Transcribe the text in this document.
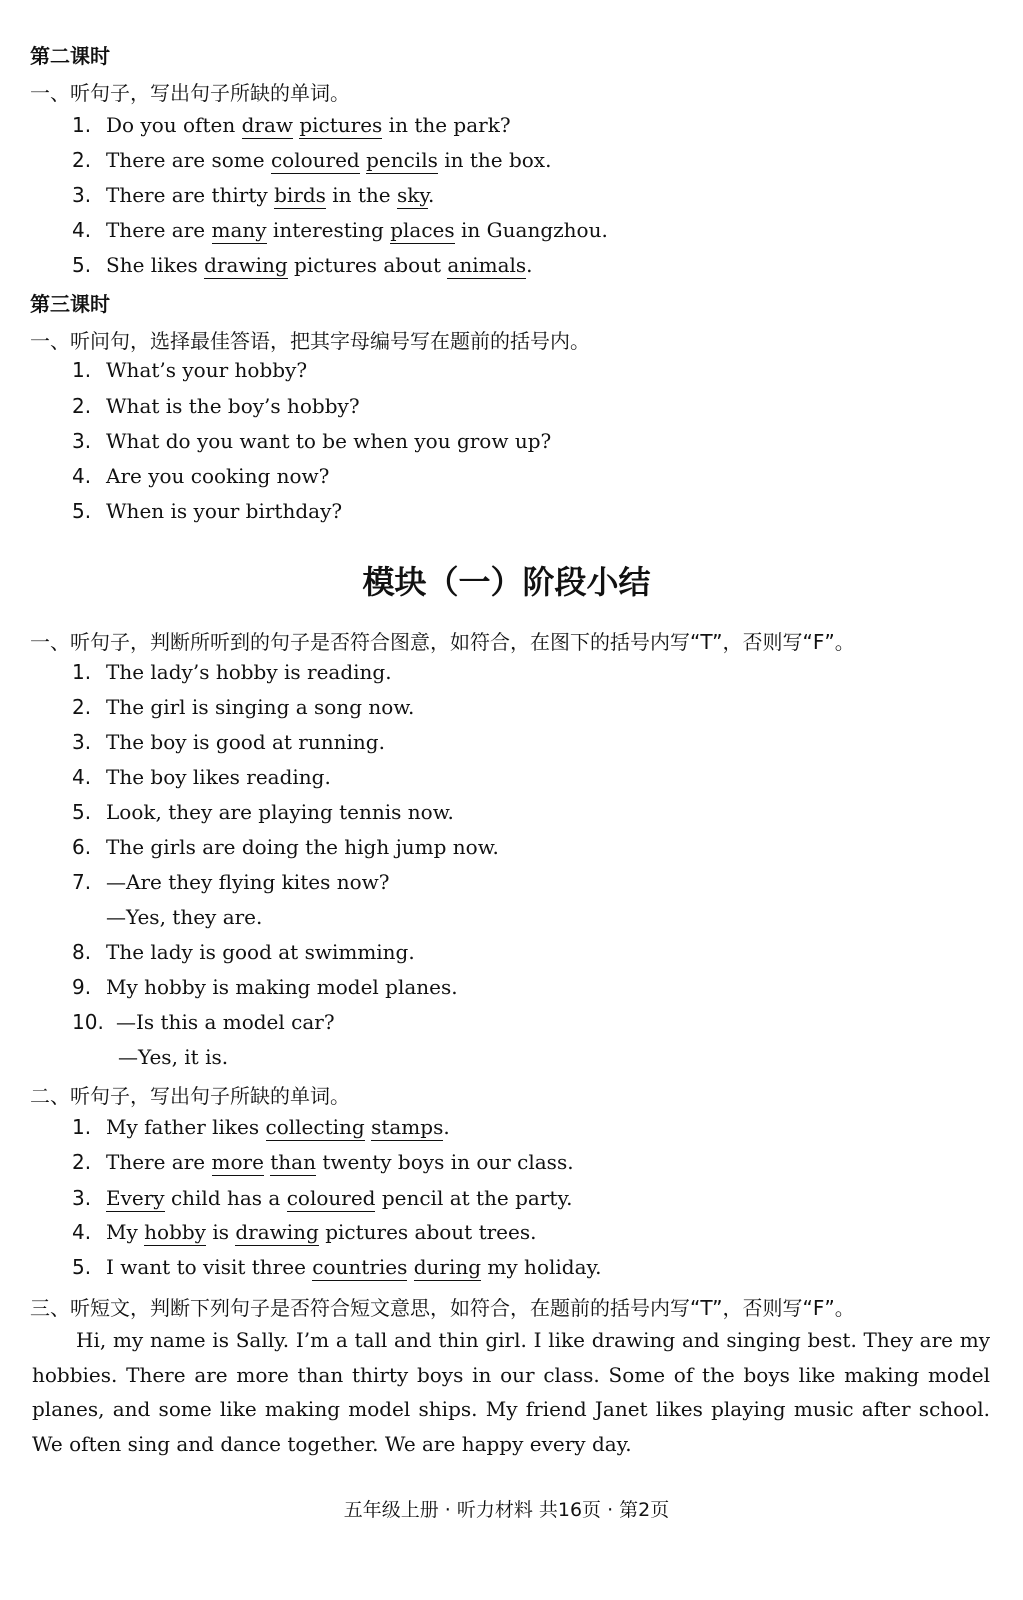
第二课时
一、听句子，写出句子所缺的单词。
1. Do you often draw pictures in the park?
2. There are some coloured pencils in the box.
3. There are thirty birds in the sky.
4. There are many interesting places in Guangzhou.
5. She likes drawing pictures about animals.
第三课时
一、听问句，选择最佳答语，把其字母编号写在题前的括号内。
1. What’s your hobby?
2. What is the boy’s hobby?
3. What do you want to be when you grow up?
4. Are you cooking now?
5. When is your birthday?
模块（一）阶段小结
一、听句子，判断所听到的句子是否符合图意，如符合，在图下的括号内写“T”，否则写“F”。
1. The lady’s hobby is reading.
2. The girl is singing a song now.
3. The boy is good at running.
4. The boy likes reading.
5. Look, they are playing tennis now.
6. The girls are doing the high jump now.
7. —Are they flying kites now?
—Yes, they are.
8. The lady is good at swimming.
9. My hobby is making model planes.
10. —Is this a model car?
—Yes, it is.
二、听句子，写出句子所缺的单词。
1. My father likes collecting stamps.
2. There are more than twenty boys in our class.
3. Every child has a coloured pencil at the party.
4. My hobby is drawing pictures about trees.
5. I want to visit three countries during my holiday.
三、听短文，判断下列句子是否符合短文意思，如符合，在题前的括号内写“T”，否则写“F”。
Hi, my name is Sally. I’m a tall and thin girl. I like drawing and singing best. They are my hobbies. There are more than thirty boys in our class. Some of the boys like making model planes, and some like making model ships. My friend Janet likes playing music after school. We often sing and dance together. We are happy every day.
五年级上册 · 听力材料 共16页 · 第2页
